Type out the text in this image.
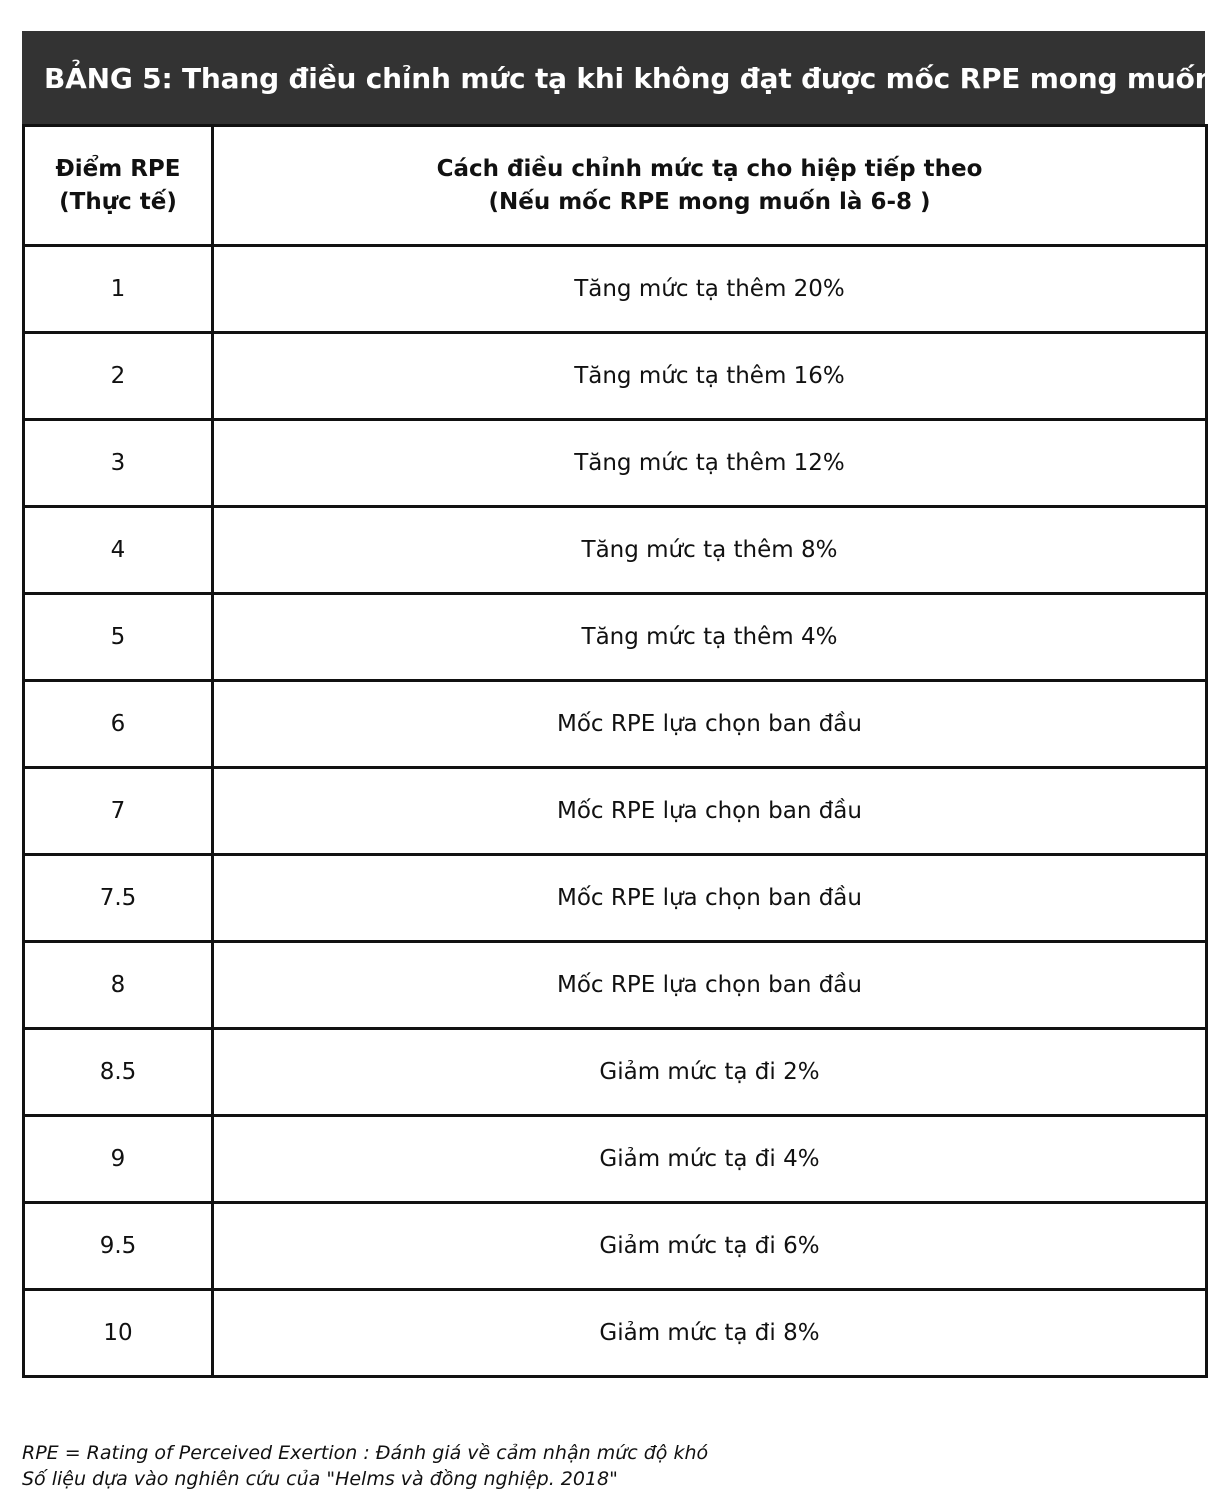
BẢNG 5: Thang điều chỉnh mức tạ khi không đạt được mốc RPE mong muốn
Điểm RPE
(Thực tế)	Cách điều chỉnh mức tạ cho hiệp tiếp theo
(Nếu mốc RPE mong muốn là 6-8 )

1	Tăng mức tạ thêm 20%
2	Tăng mức tạ thêm 16%
3	Tăng mức tạ thêm 12%
4	Tăng mức tạ thêm 8%
5	Tăng mức tạ thêm 4%
6	Mốc RPE lựa chọn ban đầu
7	Mốc RPE lựa chọn ban đầu
7.5	Mốc RPE lựa chọn ban đầu
8	Mốc RPE lựa chọn ban đầu
8.5	Giảm mức tạ đi 2%
9	Giảm mức tạ đi 4%
9.5	Giảm mức tạ đi 6%
10	Giảm mức tạ đi 8%
RPE = Rating of Perceived Exertion : Đánh giá về cảm nhận mức độ khó
Số liệu dựa vào nghiên cứu của "Helms và đồng nghiệp. 2018"
